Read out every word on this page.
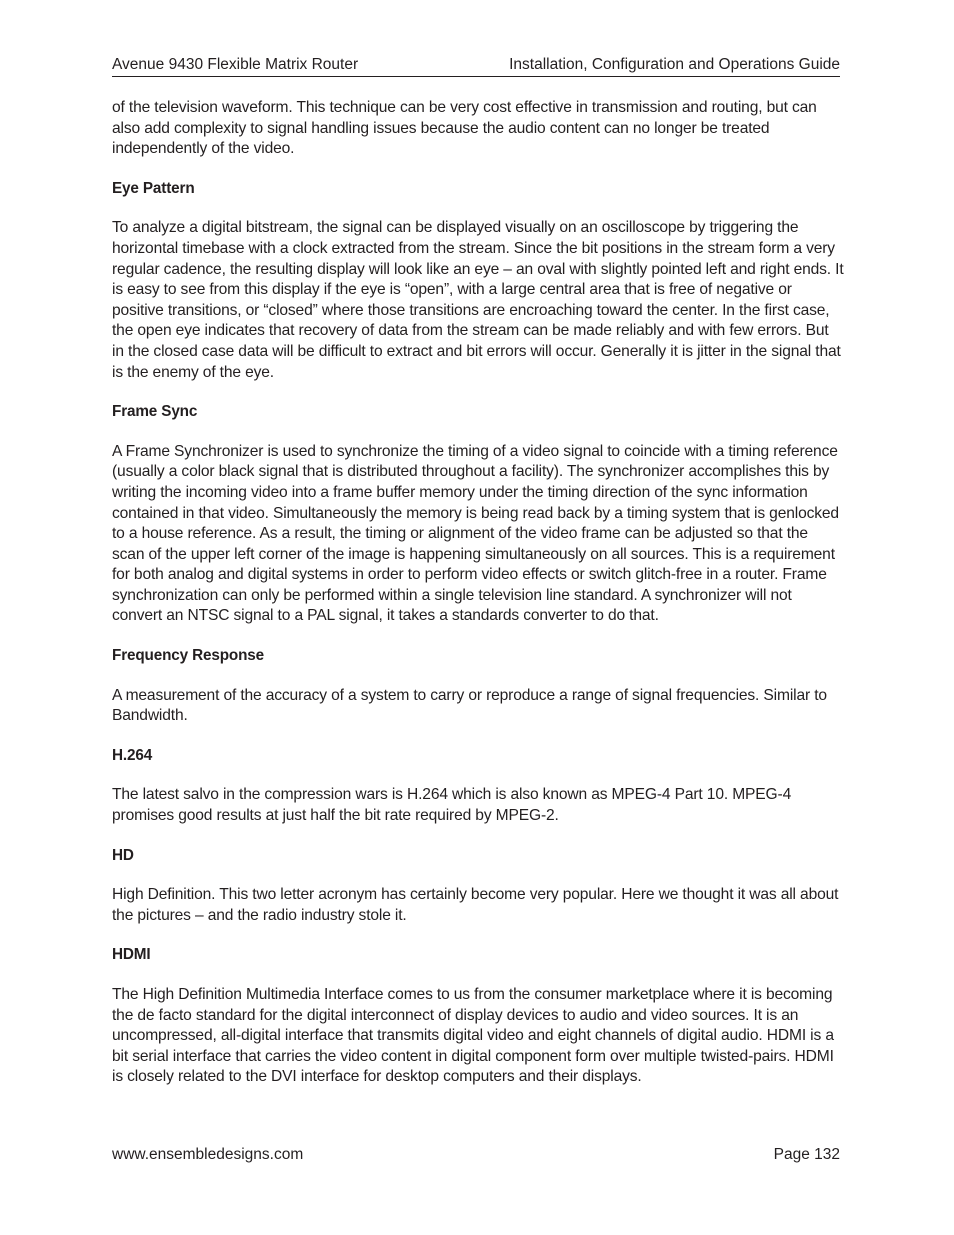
Avenue 9430 Flexible Matrix Router	Installation, Configuration and Operations Guide

of the television waveform. This technique can be very cost effective in transmission and routing, but can also add complexity to signal handling issues because the audio content can no longer be treated independently of the video.

Eye Pattern

To analyze a digital bitstream, the signal can be displayed visually on an oscilloscope by triggering the horizontal timebase with a clock extracted from the stream. Since the bit positions in the stream form a very regular cadence, the resulting display will look like an eye – an oval with slightly pointed left and right ends. It is easy to see from this display if the eye is “open”, with a large central area that is free of negative or positive transitions, or “closed” where those transitions are encroaching toward the center. In the first case, the open eye indicates that recovery of data from the stream can be made reliably and with few errors. But in the closed case data will be difficult to extract and bit errors will occur. Generally it is jitter in the signal that is the enemy of the eye.

Frame Sync

A Frame Synchronizer is used to synchronize the timing of a video signal to coincide with a timing reference (usually a color black signal that is distributed throughout a facility). The synchronizer accomplishes this by writing the incoming video into a frame buffer memory under the timing direction of the sync information contained in that video. Simultaneously the memory is being read back by a timing system that is genlocked to a house reference. As a result, the timing or alignment of the video frame can be adjusted so that the scan of the upper left corner of the image is happening simultaneously on all sources. This is a requirement for both analog and digital systems in order to perform video effects or switch glitch-free in a router. Frame synchronization can only be performed within a single television line standard. A synchronizer will not convert an NTSC signal to a PAL signal, it takes a standards converter to do that.

Frequency Response

A measurement of the accuracy of a system to carry or reproduce a range of signal frequencies. Similar to Bandwidth.

H.264

The latest salvo in the compression wars is H.264 which is also known as MPEG-4 Part 10. MPEG-4 promises good results at just half the bit rate required by MPEG-2.

HD

High Definition. This two letter acronym has certainly become very popular. Here we thought it was all about the pictures – and the radio industry stole it.

HDMI

The High Definition Multimedia Interface comes to us from the consumer marketplace where it is becoming the de facto standard for the digital interconnect of display devices to audio and video sources. It is an uncompressed, all-digital interface that transmits digital video and eight channels of digital audio. HDMI is a bit serial interface that carries the video content in digital component form over multiple twisted-pairs. HDMI is closely related to the DVI interface for desktop computers and their displays.

www.ensembledesigns.com	Page 132
